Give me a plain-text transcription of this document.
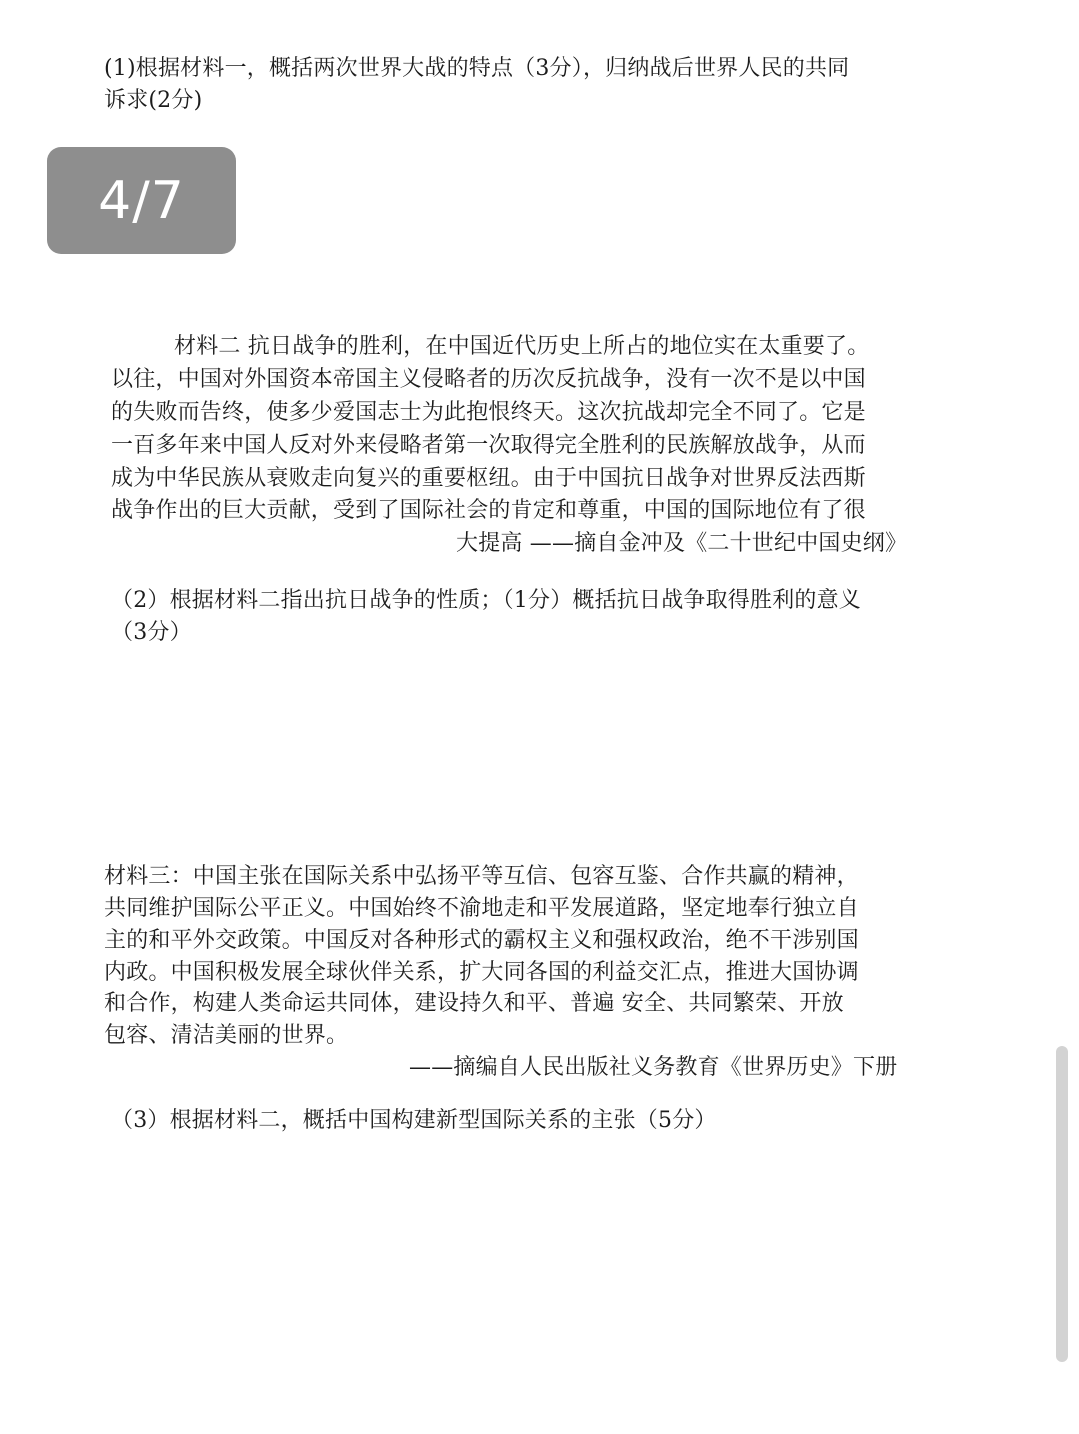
(1)根据材料一，概括两次世界大战的特点（3分），归纳战后世界人民的共同
诉求(2分)
4/7
材料二 抗日战争的胜利，在中国近代历史上所占的地位实在太重要了。
以往，中国对外国资本帝国主义侵略者的历次反抗战争，没有一次不是以中国
的失败而告终，使多少爱国志士为此抱恨终天。这次抗战却完全不同了。它是
一百多年来中国人反对外来侵略者第一次取得完全胜利的民族解放战争，从而
成为中华民族从衰败走向复兴的重要枢纽。由于中国抗日战争对世界反法西斯
战争作出的巨大贡献，受到了国际社会的肯定和尊重，中国的国际地位有了很
大提高 ——摘自金冲及《二十世纪中国史纲》
（2）根据材料二指出抗日战争的性质；（1分）概括抗日战争取得胜利的意义
（3分）
材料三：中国主张在国际关系中弘扬平等互信、包容互鉴、合作共赢的精神，
共同维护国际公平正义。中国始终不渝地走和平发展道路，坚定地奉行独立自
主的和平外交政策。中国反对各种形式的霸权主义和强权政治，绝不干涉别国
内政。中国积极发展全球伙伴关系，扩大同各国的利益交汇点，推进大国协调
和合作，构建人类命运共同体，建设持久和平、普遍 安全、共同繁荣、开放
包容、清洁美丽的世界。
——摘编自人民出版社义务教育《世界历史》下册
（3）根据材料二，概括中国构建新型国际关系的主张（5分）
